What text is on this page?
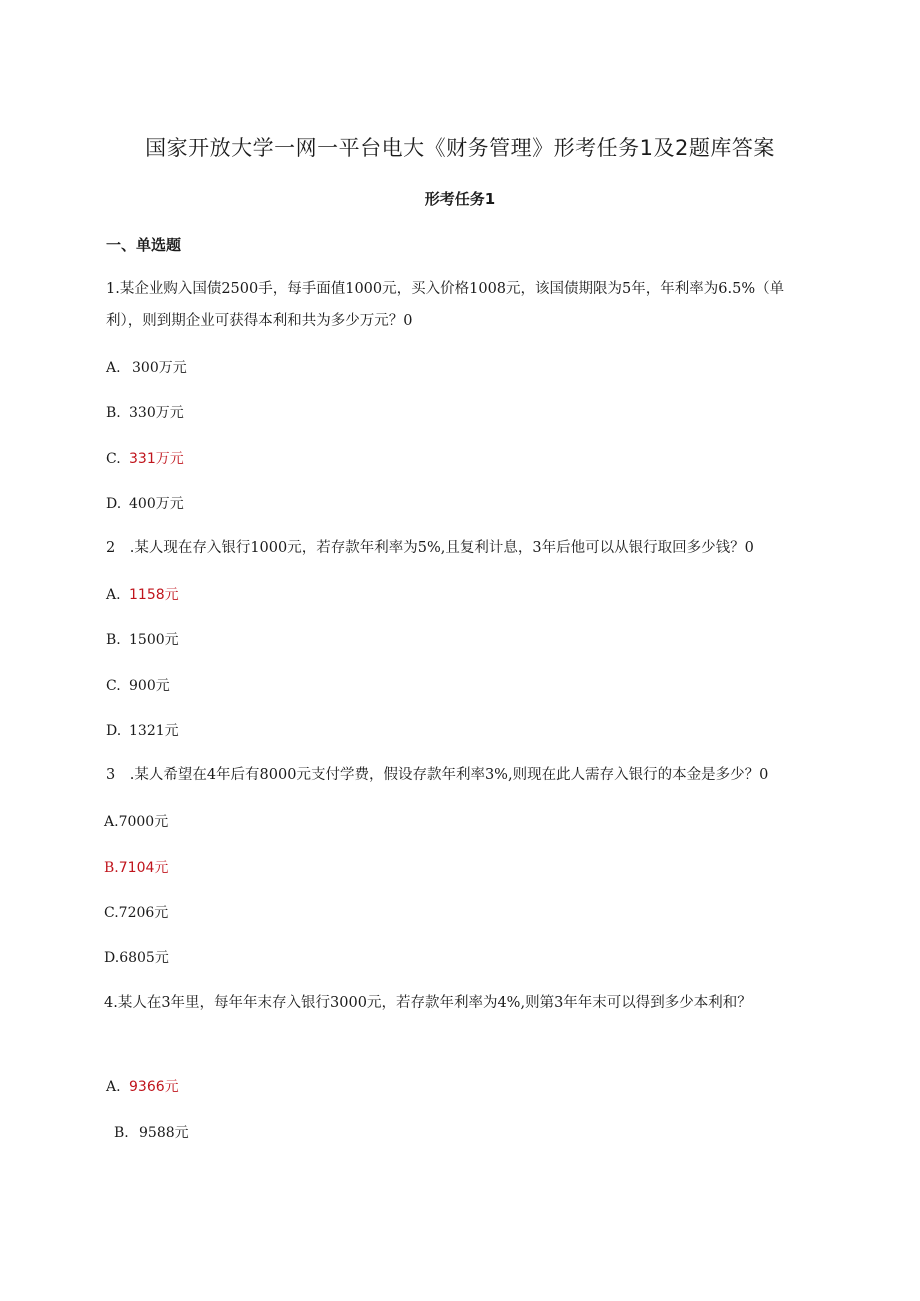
国家开放大学一网一平台电大《财务管理》形考任务1及2题库答案
形考任务1
一、单选题
1.某企业购入国债2500手，每手面值1000元，买入价格1008元，该国债期限为5年，年利率为6.5%（单
利），则到期企业可获得本利和共为多少万元？0
A. 300万元
B. 330万元
C. 331万元
D. 400万元
2　.某人现在存入银行1000元，若存款年利率为5%,且复利计息，3年后他可以从银行取回多少钱？0
A. 1158元
B. 1500元
C. 900元
D. 1321元
3　.某人希望在4年后有8000元支付学费，假设存款年利率3%,则现在此人需存入银行的本金是多少？0
A.7000元
B.7104元
C.7206元
D.6805元
4.某人在3年里，每年年末存入银行3000元，若存款年利率为4%,则第3年年末可以得到多少本利和？
A. 9366元
B. 9588元
